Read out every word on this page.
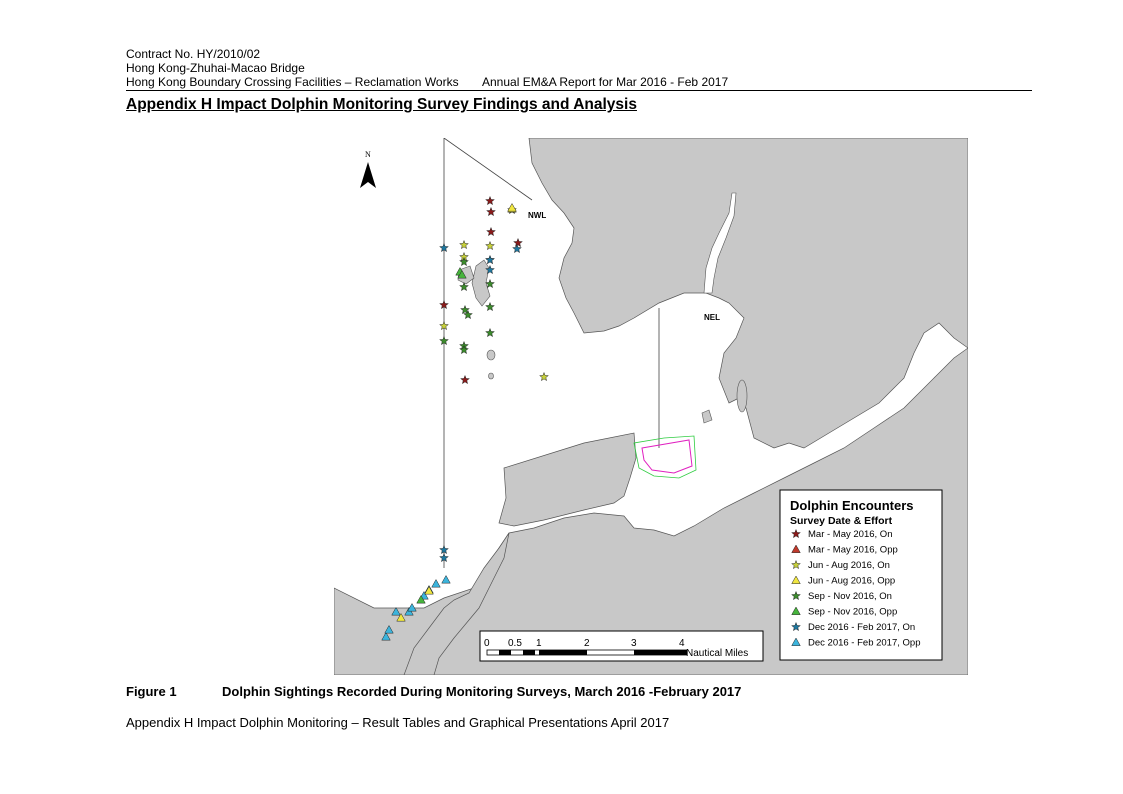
Contract No. HY/2010/02
Hong Kong-Zhuhai-Macao Bridge
Hong Kong Boundary Crossing Facilities – Reclamation Works Annual EM&A Report for Mar 2016 - Feb 2017
Appendix H Impact Dolphin Monitoring Survey Findings and Analysis
NWL
NEL
N
Dolphin Encounters
Survey Date & Effort
Mar - May 2016, On
Mar - May 2016, Opp
Jun - Aug 2016, On
Jun - Aug 2016, Opp
Sep - Nov 2016, On
Sep - Nov 2016, Opp
Dec 2016 - Feb 2017, On
Dec 2016 - Feb 2017, Opp
0 0.5 1	2	3	4
Nautical Miles
Figure 1	Dolphin Sightings Recorded During Monitoring Surveys, March 2016 -February 2017
Appendix H Impact Dolphin Monitoring – Result Tables and Graphical Presentations April 2017
